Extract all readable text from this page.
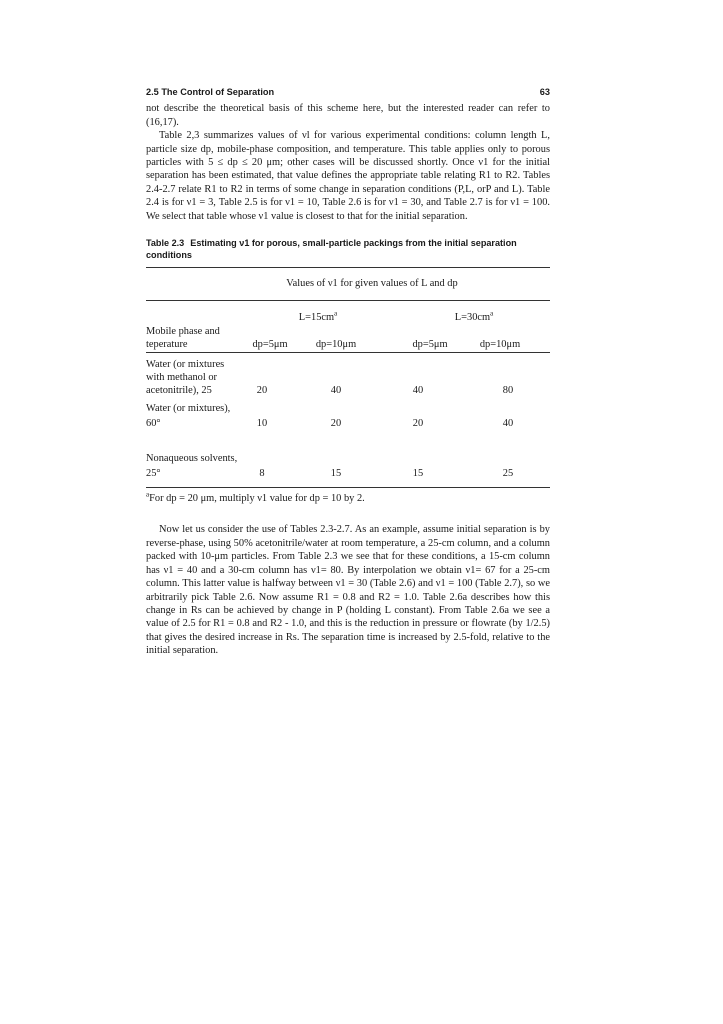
2.5 The Control of Separation	63

not describe the theoretical basis of this scheme here, but the interested reader can refer to (16,17).

Table 2,3 summarizes values of νl for various experimental conditions: column length L, particle size dp, mobile-phase composition, and temperature. This table applies only to porous particles with 5 ≤ dp ≤ 20 μm; other cases will be discussed shortly. Once ν1 for the initial separation has been estimated, that value defines the appropriate table relating R1 to R2. Tables 2.4-2.7 relate R1 to R2 in terms of some change in separation conditions (P,L, orP and L). Table 2.4 is for ν1 = 3, Table 2.5 is for ν1 = 10, Table 2.6 is for ν1 = 30, and Table 2.7 is for ν1 = 100. We select that table whose ν1 value is closest to that for the initial separation.

Table 2.3 Estimating ν1 for porous, small-particle packings from the initial separation conditions
Values of ν1 for given values of L and dp
$L=15cm^a$	$L=30cm^a$
Mobile phase and
teperature	dp=5μm	dp=10μm	dp=5μm	dp=10μm
Water (or mixtures
with methanol or
acetonitrile), 25	20	40	40	80
Water (or mixtures),
60°	10	20	20	40
Nonaqueous solvents,
25°	8	15	15	25
$^a$For dp = 20 μm, multiply ν1 value for dp = 10 by 2.

Now let us consider the use of Tables 2.3-2.7. As an example, assume initial separation is by reverse-phase, using 50% acetonitrile/water at room temperature, a 25-cm column, and a column packed with 10-μm particles. From Table 2.3 we see that for these conditions, a 15-cm column has ν1 = 40 and a 30-cm column has ν1= 80. By interpolation we obtain ν1= 67 for a 25-cm column. This latter value is halfway between ν1 = 30 (Table 2.6) and ν1 = 100 (Table 2.7), so we arbitrarily pick Table 2.6. Now assume R1 = 0.8 and R2 = 1.0. Table 2.6a describes how this change in Rs can be achieved by change in P (holding L constant). From Table 2.6a we see a value of 2.5 for R1 = 0.8 and R2 - 1.0, and this is the reduction in pressure or flowrate (by 1/2.5) that gives the desired increase in Rs. The separation time is increased by 2.5-fold, relative to the initial separation.
